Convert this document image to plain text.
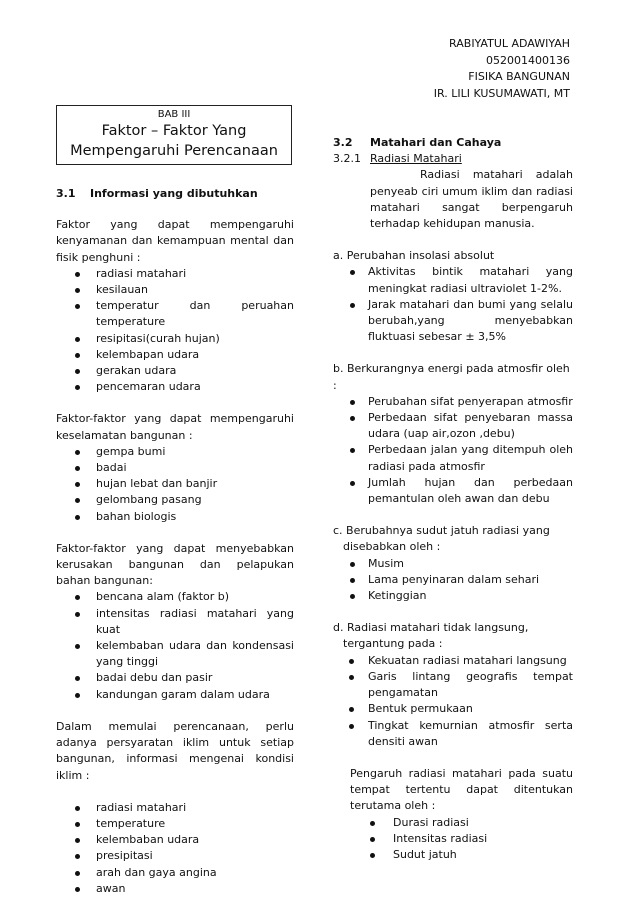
RABIYATUL ADAWIYAH
052001400136
FISIKA BANGUNAN
IR. LILI KUSUMAWATI, MT
BAB III
Faktor – Faktor Yang
Mempengaruhi Perencanaan
3.1	Informasi yang dibutuhkan
Faktor yang dapat mempengaruhi kenyamanan dan kemampuan mental dan fisik penghuni :
radiasi matahari
kesilauan
temperatur dan peruahan temperature
resipitasi(curah hujan)
kelembapan udara
gerakan udara
pencemaran udara
Faktor-faktor yang dapat mempengaruhi keselamatan bangunan :
gempa bumi
badai
hujan lebat dan banjir
gelombang pasang
bahan biologis
Faktor-faktor yang dapat menyebabkan kerusakan bangunan dan pelapukan bahan bangunan:
bencana alam (faktor b)
intensitas radiasi matahari yang kuat
kelembaban udara dan kondensasi yang tinggi
badai debu dan pasir
kandungan garam dalam udara
Dalam memulai perencanaan, perlu adanya persyaratan iklim untuk setiap bangunan, informasi mengenai kondisi iklim :
radiasi matahari
temperature
kelembaban udara
presipitasi
arah dan gaya angina
awan
3.2	Matahari dan Cahaya
3.2.1 Radiasi Matahari
Radiasi matahari adalah penyeab ciri umum iklim dan radiasi matahari sangat berpengaruh terhadap kehidupan manusia.
a. Perubahan insolasi absolut
Aktivitas bintik matahari yang meningkat radiasi ultraviolet 1-2%.
Jarak matahari dan bumi yang selalu berubah,yang menyebabkan fluktuasi sebesar ± 3,5%
b. Berkurangnya energi pada atmosfir oleh :
Perubahan sifat penyerapan atmosfir
Perbedaan sifat penyebaran massa udara (uap air,ozon ,debu)
Perbedaan jalan yang ditempuh oleh radiasi pada atmosfir
Jumlah hujan dan perbedaan pemantulan oleh awan dan debu
c. Berubahnya sudut jatuh radiasi yang disebabkan oleh :
Musim
Lama penyinaran dalam sehari
Ketinggian
d. Radiasi matahari tidak langsung, tergantung pada :
Kekuatan radiasi matahari langsung
Garis lintang geografis tempat pengamatan
Bentuk permukaan
Tingkat kemurnian atmosfir serta densiti awan
Pengaruh radiasi matahari pada suatu tempat tertentu dapat ditentukan terutama oleh :
Durasi radiasi
Intensitas radiasi
Sudut jatuh
